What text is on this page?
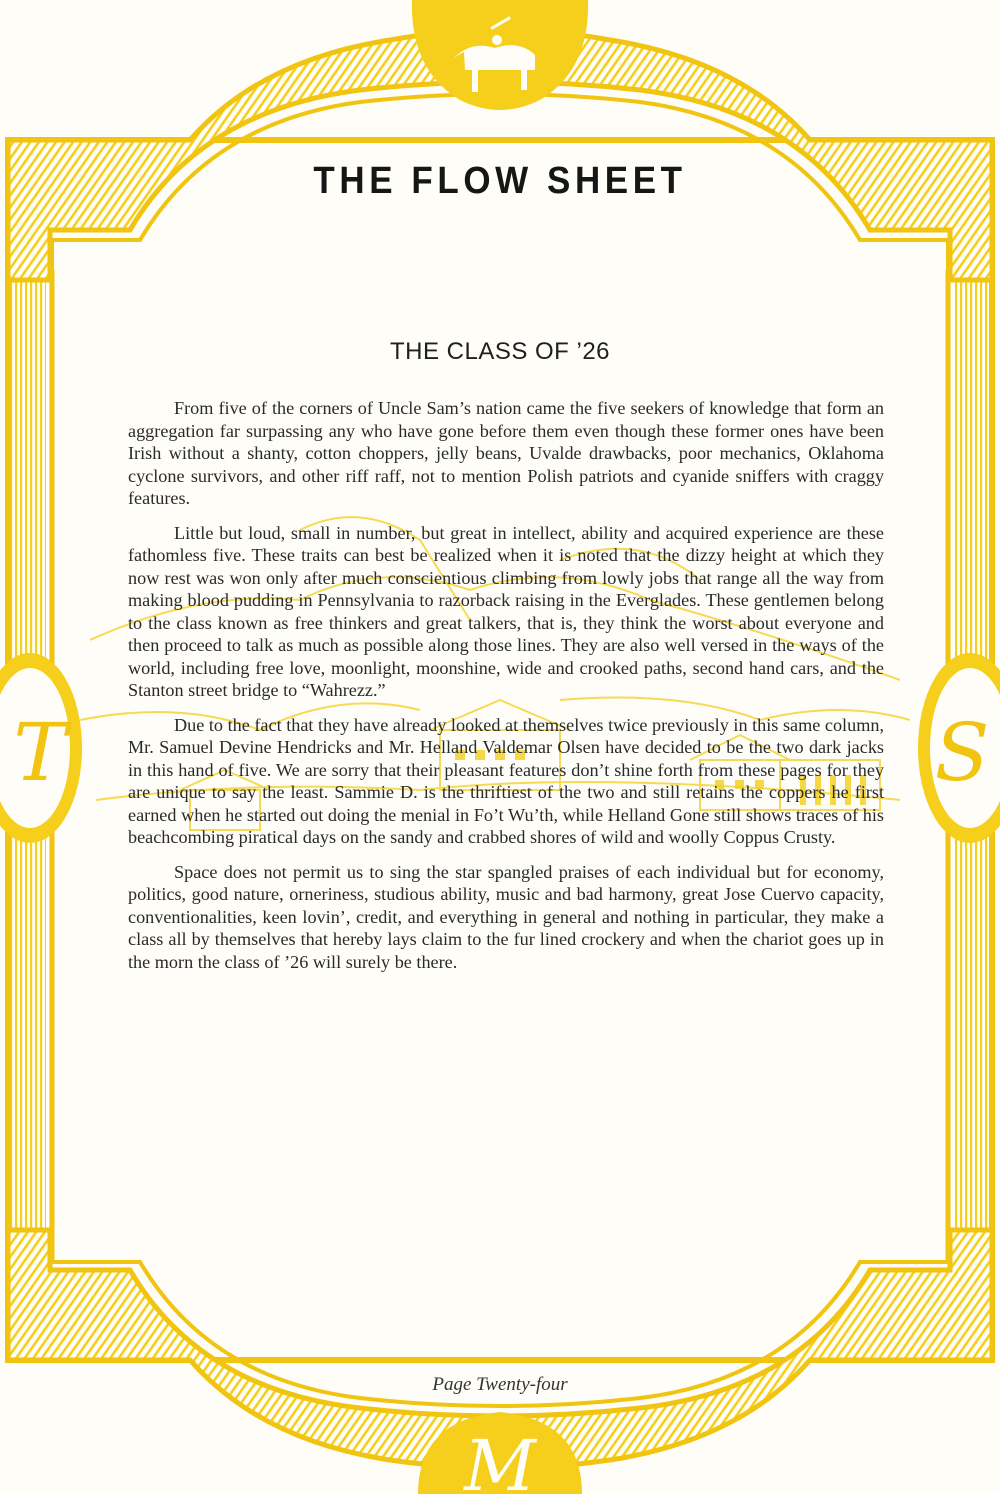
T	S
M
THE FLOW SHEET
THE CLASS OF ’26

From five of the corners of Uncle Sam’s nation came the five seekers of knowledge that form an aggregation far surpassing any who have gone before them even though these former ones have been Irish without a shanty, cotton choppers, jelly beans, Uvalde drawbacks, poor mechanics, Oklahoma cyclone survivors, and other riff raff, not to mention Polish patriots and cyanide sniffers with craggy features.

Little but loud, small in number, but great in intellect, ability and acquired experience are these fathomless five. These traits can best be realized when it is noted that the dizzy height at which they now rest was won only after much conscientious climbing from lowly jobs that range all the way from making blood pudding in Pennsylvania to razorback raising in the Everglades. These gentlemen belong to the class known as free thinkers and great talkers, that is, they think the worst about everyone and then proceed to talk as much as possible along those lines. They are also well versed in the ways of the world, including free love, moonlight, moonshine, wide and crooked paths, second hand cars, and the Stanton street bridge to “Wahrezz.”

Due to the fact that they have already looked at themselves twice previously in this same column, Mr. Samuel Devine Hendricks and Mr. Helland Valdemar Olsen have decided to be the two dark jacks in this hand of five. We are sorry that their pleasant features don’t shine forth from these pages for they are unique to say the least. Sammie D. is the thriftiest of the two and still retains the coppers he first earned when he started out doing the menial in Fo’t Wu’th, while Helland Gone still shows traces of his beachcombing piratical days on the sandy and crabbed shores of wild and woolly Coppus Crusty.

Space does not permit us to sing the star spangled praises of each individual but for economy, politics, good nature, orneriness, studious ability, music and bad harmony, great Jose Cuervo capacity, conventionalities, keen lovin’, credit, and everything in general and nothing in particular, they make a class all by themselves that hereby lays claim to the fur lined crockery and when the chariot goes up in the morn the class of ’26 will surely be there.

Page Twenty-four
